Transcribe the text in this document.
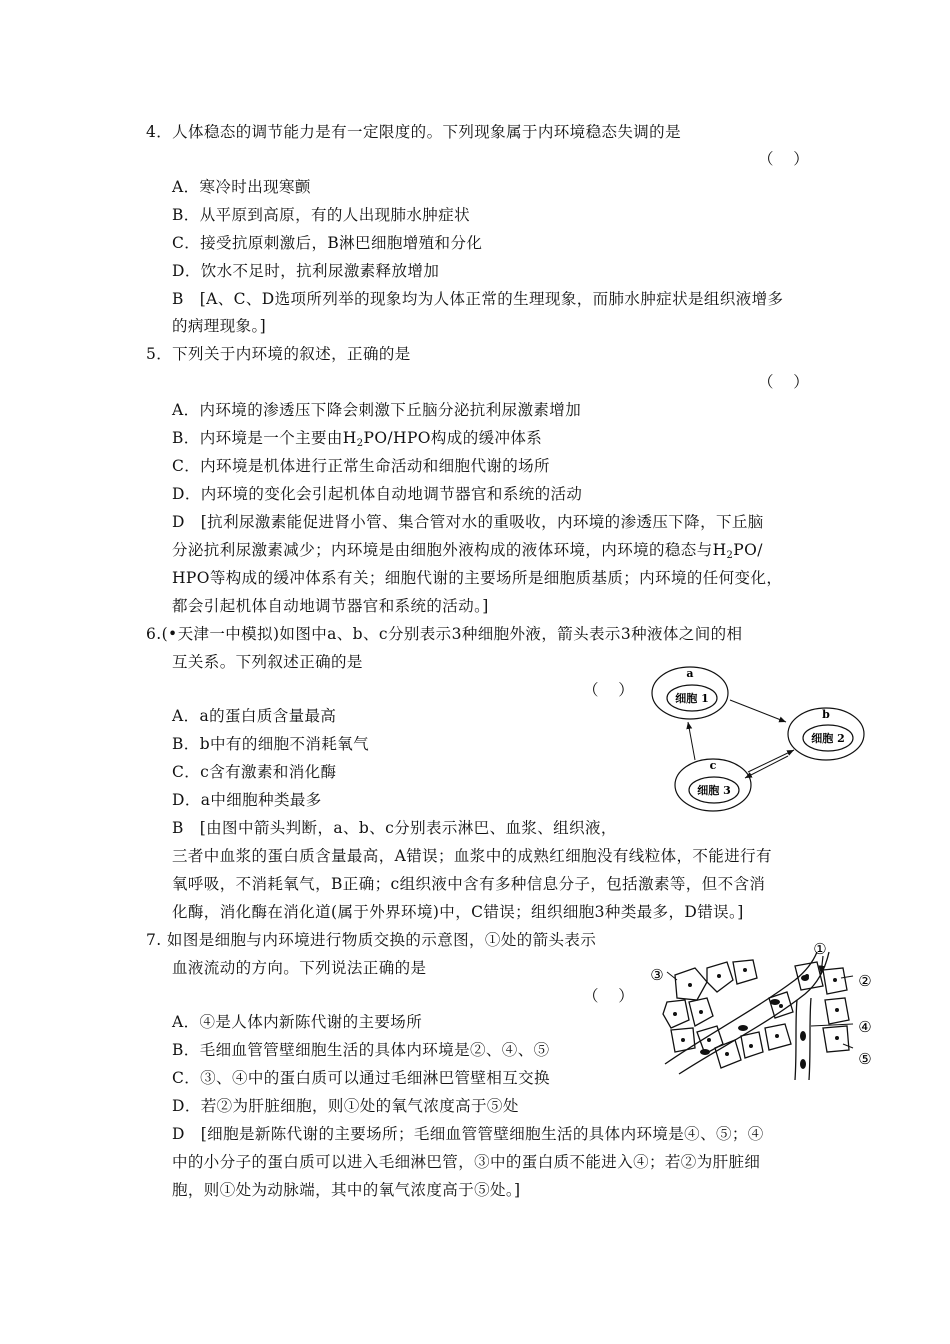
4．人体稳态的调节能力是有一定限度的。下列现象属于内环境稳态失调的是
（    ）
A．寒冷时出现寒颤
B．从平原到高原，有的人出现肺水肿症状
C．接受抗原刺激后，B淋巴细胞增殖和分化
D．饮水不足时，抗利尿激素释放增加
B　[A、C、D选项所列举的现象均为人体正常的生理现象，而肺水肿症状是组织液增多
的病理现象。]
5．下列关于内环境的叙述，正确的是
（    ）
A．内环境的渗透压下降会刺激下丘脑分泌抗利尿激素增加
B．内环境是一个主要由$H_2PO$/HPO构成的缓冲体系
C．内环境是机体进行正常生命活动和细胞代谢的场所
D．内环境的变化会引起机体自动地调节器官和系统的活动
D　[抗利尿激素能促进肾小管、集合管对水的重吸收，内环境的渗透压下降，下丘脑
分泌抗利尿激素减少；内环境是由细胞外液构成的液体环境，内环境的稳态与$H_2PO/$
HPO等构成的缓冲体系有关；细胞代谢的主要场所是细胞质基质；内环境的任何变化，
都会引起机体自动地调节器官和系统的活动。]
6.(•天津一中模拟)如图中a、b、c分别表示3种细胞外液，箭头表示3种液体之间的相
互关系。下列叙述正确的是
（    ）
A．a的蛋白质含量最高
B．b中有的细胞不消耗氧气
C．c含有激素和消化酶
D．a中细胞种类最多
B　[由图中箭头判断，a、b、c分别表示淋巴、血浆、组织液，
三者中血浆的蛋白质含量最高，A错误；血浆中的成熟红细胞没有线粒体，不能进行有
氧呼吸，不消耗氧气，B正确；c组织液中含有多种信息分子，包括激素等，但不含消
化酶，消化酶在消化道(属于外界环境)中，C错误；组织细胞3种类最多，D错误。]
a
细胞 1
b
细胞 2
c
细胞 3
7. 如图是细胞与内环境进行物质交换的示意图，①处的箭头表示
血液流动的方向。下列说法正确的是
（    ）
A．④是人体内新陈代谢的主要场所
B．毛细血管管壁细胞生活的具体内环境是②、④、⑤
C．③、④中的蛋白质可以通过毛细淋巴管壁相互交换
D．若②为肝脏细胞，则①处的氧气浓度高于⑤处
D　[细胞是新陈代谢的主要场所；毛细血管管壁细胞生活的具体内环境是④、⑤；④
中的小分子的蛋白质可以进入毛细淋巴管，③中的蛋白质不能进入④；若②为肝脏细
胞，则①处为动脉端，其中的氧气浓度高于⑤处。]
①
②
③
④
⑤
